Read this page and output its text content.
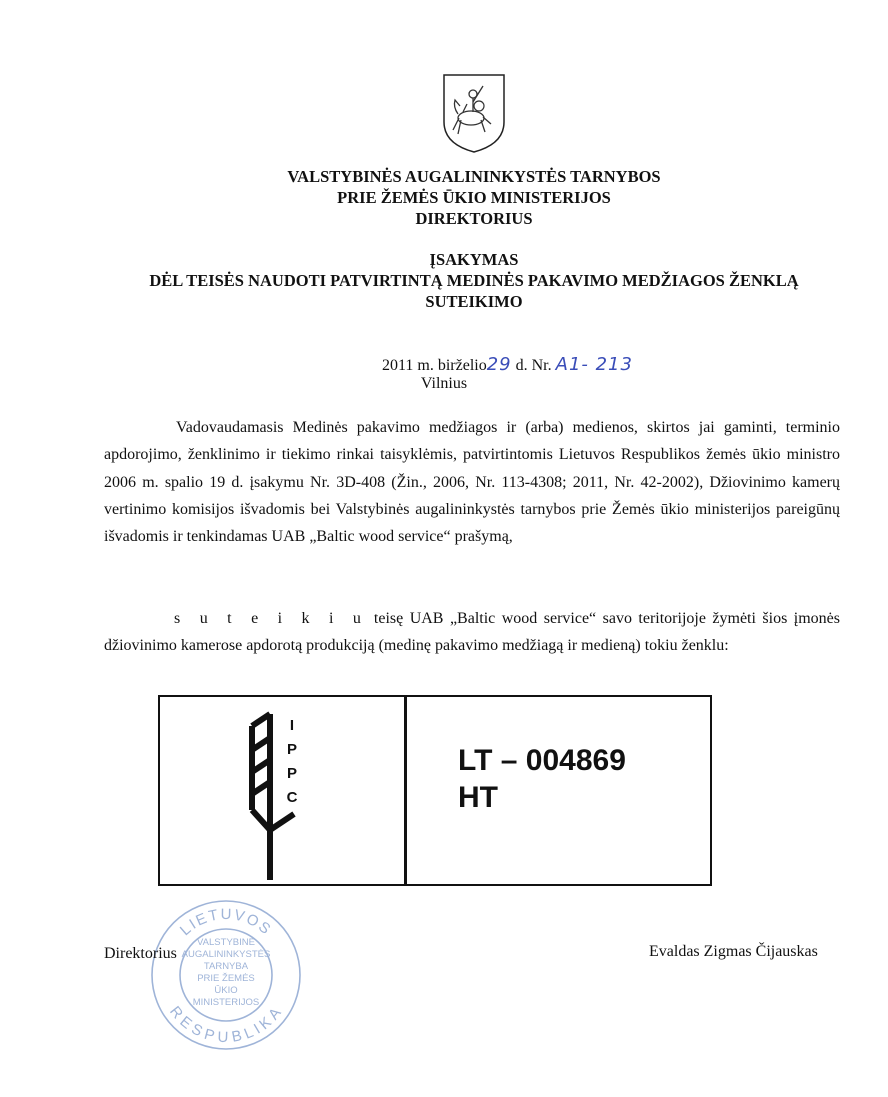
VALSTYBINĖS AUGALININKYSTĖS TARNYBOS
PRIE ŽEMĖS ŪKIO MINISTERIJOS
DIREKTORIUS
ĮSAKYMAS
DĖL TEISĖS NAUDOTI PATVIRTINTĄ MEDINĖS PAKAVIMO MEDŽIAGOS ŽENKLĄ
SUTEIKIMO
2011 m. birželio29 d. Nr. A1- 213
Vilnius
Vadovaudamasis Medinės pakavimo medžiagos ir (arba) medienos, skirtos jai gaminti, terminio apdorojimo, ženklinimo ir tiekimo rinkai taisyklėmis, patvirtintomis Lietuvos Respublikos žemės ūkio ministro 2006 m. spalio 19 d. įsakymu Nr. 3D-408 (Žin., 2006, Nr. 113-4308; 2011, Nr. 42-2002), Džiovinimo kamerų vertinimo komisijos išvadomis bei Valstybinės augalininkystės tarnybos prie Žemės ūkio ministerijos pareigūnų išvadomis ir tenkindamas UAB „Baltic wood service“ prašymą,
s u t e i k i u teisę UAB „Baltic wood service“ savo teritorijoje žymėti šios įmonės džiovinimo kamerose apdorotą produkciją (medinę pakavimo medžiagą ir medieną) tokiu ženklu:
I
P
P
C
LT – 004869
HT
LIETUVOS
RESPUBLIKA
VALSTYBINĖ
AUGALININKYSTĖS
TARNYBA
PRIE ŽEMĖS
ŪKIO
MINISTERIJOS
Direktorius	Evaldas Zigmas Čijauskas
